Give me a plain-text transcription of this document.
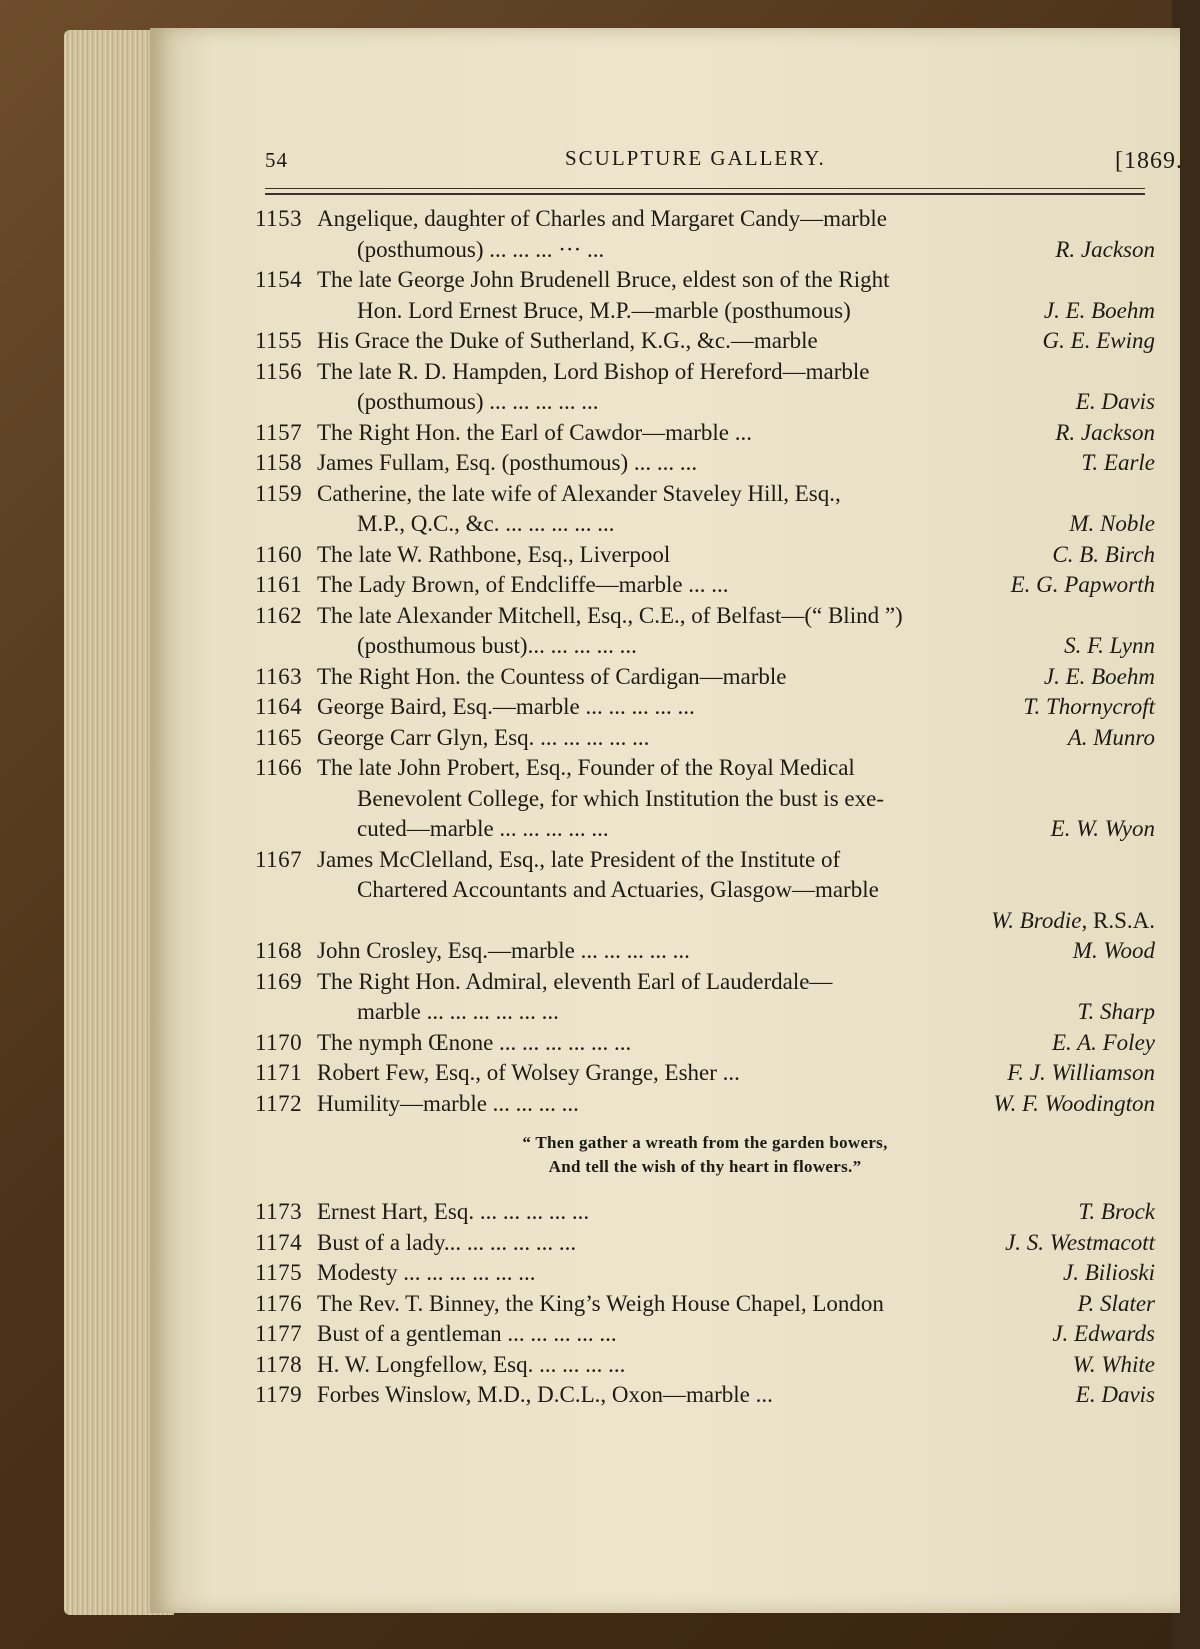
54	SCULPTURE GALLERY.	[1869.
1153 Angelique, daughter of Charles and Margaret Candy—marble
(posthumous) ... ... ... ··· ...	R. Jackson
1154 The late George John Brudenell Bruce, eldest son of the Right
Hon. Lord Ernest Bruce, M.P.—marble (posthumous)	J. E. Boehm
1155 His Grace the Duke of Sutherland, K.G., &c.—marble	G. E. Ewing
1156 The late R. D. Hampden, Lord Bishop of Hereford—marble
(posthumous) ... ... ... ... ...	E. Davis
1157 The Right Hon. the Earl of Cawdor—marble ...	R. Jackson
1158 James Fullam, Esq. (posthumous) ... ... ...	T. Earle
1159 Catherine, the late wife of Alexander Staveley Hill, Esq.,
M.P., Q.C., &c. ... ... ... ... ...	M. Noble
1160 The late W. Rathbone, Esq., Liverpool	C. B. Birch
1161 The Lady Brown, of Endcliffe—marble ... ...	E. G. Papworth
1162 The late Alexander Mitchell, Esq., C.E., of Belfast—(“ Blind ”)
(posthumous bust)... ... ... ... ...	S. F. Lynn
1163 The Right Hon. the Countess of Cardigan—marble	J. E. Boehm
1164 George Baird, Esq.—marble ... ... ... ... ...	T. Thornycroft
1165 George Carr Glyn, Esq. ... ... ... ... ...	A. Munro
1166 The late John Probert, Esq., Founder of the Royal Medical
Benevolent College, for which Institution the bust is exe-
cuted—marble ... ... ... ... ...	E. W. Wyon
1167 James McClelland, Esq., late President of the Institute of
Chartered Accountants and Actuaries, Glasgow—marble

W. Brodie, R.S.A.
1168 John Crosley, Esq.—marble ... ... ... ... ...	M. Wood
1169 The Right Hon. Admiral, eleventh Earl of Lauderdale—
marble ... ... ... ... ... ...	T. Sharp
1170 The nymph Œnone ... ... ... ... ... ...	E. A. Foley
1171 Robert Few, Esq., of Wolsey Grange, Esher ...	F. J. Williamson
1172 Humility—marble ... ... ... ...	W. F. Woodington
“ Then gather a wreath from the garden bowers,
And tell the wish of thy heart in flowers.”
1173 Ernest Hart, Esq. ... ... ... ... ...	T. Brock
1174 Bust of a lady... ... ... ... ... ...	J. S. Westmacott
1175 Modesty ... ... ... ... ... ...	J. Bilioski
1176 The Rev. T. Binney, the King’s Weigh House Chapel, London	P. Slater
1177 Bust of a gentleman ... ... ... ... ...	J. Edwards
1178 H. W. Longfellow, Esq. ... ... ... ...	W. White
1179 Forbes Winslow, M.D., D.C.L., Oxon—marble ...	E. Davis
